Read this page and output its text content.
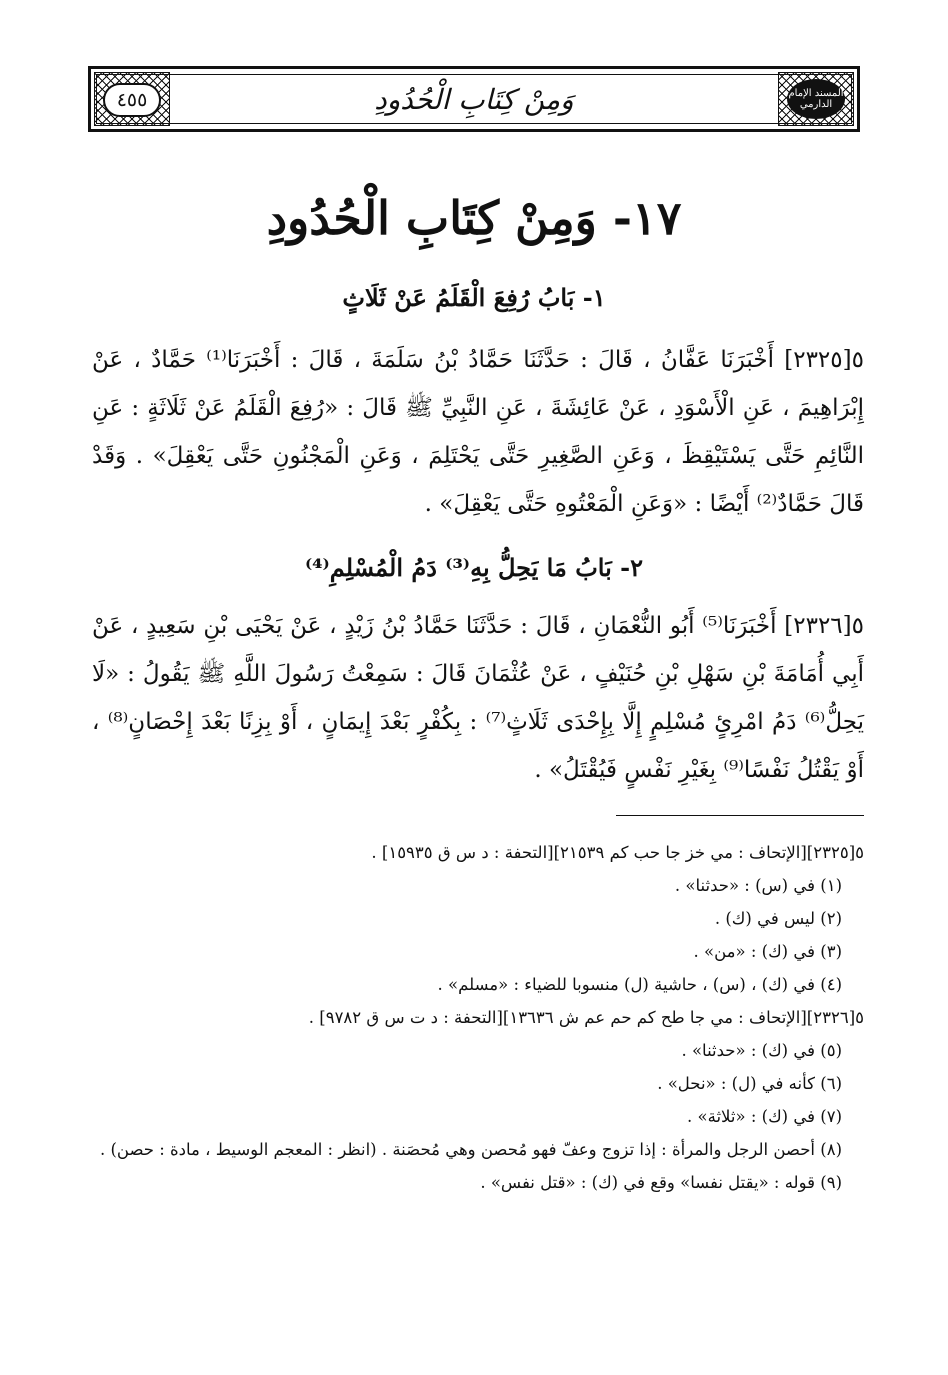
٤٥٥	وَمِنْ كِتَابِ الْحُدُودِ	المسند الإمام الدارمي
١٧- وَمِنْ كِتَابِ الْحُدُودِ
١- بَابُ رُفِعَ الْقَلَمُ عَنْ ثَلَاثٍ
٥[٢٣٢٥] أَخْبَرَنَا عَفَّانُ ، قَالَ : حَدَّثَنَا حَمَّادُ بْنُ سَلَمَةَ ، قَالَ : أَخْبَرَنَا⁽¹⁾ حَمَّادٌ ، عَنْ إِبْرَاهِيمَ ، عَنِ الْأَسْوَدِ ، عَنْ عَائِشَةَ ، عَنِ النَّبِيِّ ﷺ قَالَ : «رُفِعَ الْقَلَمُ عَنْ ثَلَاثَةٍ : عَنِ النَّائِمِ حَتَّى يَسْتَيْقِظَ ، وَعَنِ الصَّغِيرِ حَتَّى يَحْتَلِمَ ، وَعَنِ الْمَجْنُونِ حَتَّى يَعْقِلَ» . وَقَدْ قَالَ حَمَّادٌ⁽²⁾ أَيْضًا : «وَعَنِ الْمَعْتُوهِ حَتَّى يَعْقِلَ» .
٢- بَابُ مَا يَحِلُّ بِهِ⁽³⁾ دَمُ الْمُسْلِمِ⁽⁴⁾
٥[٢٣٢٦] أَخْبَرَنَا⁽⁵⁾ أَبُو النُّعْمَانِ ، قَالَ : حَدَّثَنَا حَمَّادُ بْنُ زَيْدٍ ، عَنْ يَحْيَى بْنِ سَعِيدٍ ، عَنْ أَبِي أُمَامَةَ بْنِ سَهْلِ بْنِ حُنَيْفٍ ، عَنْ عُثْمَانَ قَالَ : سَمِعْتُ رَسُولَ اللَّهِ ﷺ يَقُولُ : «لَا يَحِلُّ⁽⁶⁾ دَمُ امْرِئٍ مُسْلِمٍ إِلَّا بِإِحْدَى ثَلَاثٍ⁽⁷⁾ : بِكُفْرٍ بَعْدَ إِيمَانٍ ، أَوْ بِزِنًا بَعْدَ إِحْصَانٍ⁽⁸⁾ ، أَوْ يَقْتُلُ نَفْسًا⁽⁹⁾ بِغَيْرِ نَفْسٍ فَيُقْتَلُ» .
٥[٢٣٢٥][الإتحاف : مي خز جا حب كم ٢١٥٣٩][التحفة : د س ق ١٥٩٣٥] .
(١) في (س) : «حدثنا» .
(٢) ليس في (ك) .
(٣) في (ك) : «من» .
(٤) في (ك) ، (س) ، حاشية (ل) منسوبا للضياء : «مسلم» .
٥[٢٣٢٦][الإتحاف : مي جا طح كم حم عم ش ١٣٦٣٦][التحفة : د ت س ق ٩٧٨٢] .
(٥) في (ك) : «حدثنا» .
(٦) كأنه في (ل) : «نحل» .
(٧) في (ك) : «ثلاثة» .
(٨) أحصن الرجل والمرأة : إذا تزوج وعفّ فهو مُحصن وهي مُحصَنة . (انظر : المعجم الوسيط ، مادة : حصن) .
(٩) قوله : «يقتل نفسا» وقع في (ك) : «قتل نفس» .
